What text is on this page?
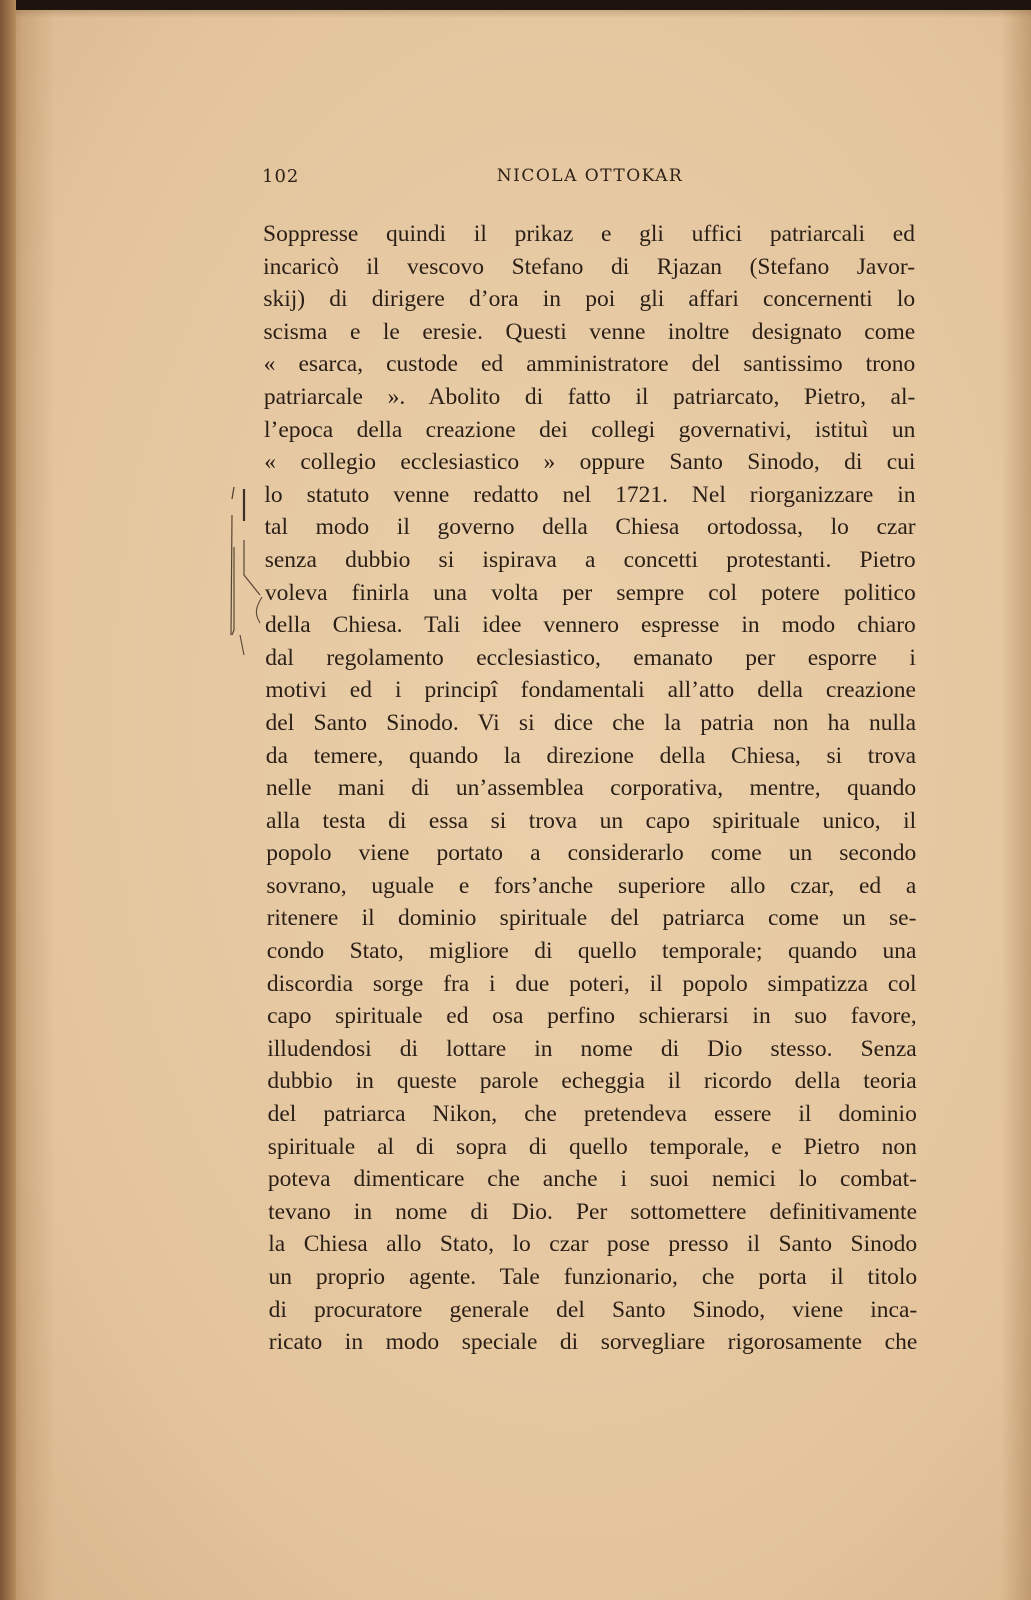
102	NICOLA OTTOKAR
Soppresse quindi il prikaz e gli uffici patriarcali ed
incaricò il vescovo Stefano di Rjazan (Stefano Javor-
skij) di dirigere d’ora in poi gli affari concernenti lo
scisma e le eresie. Questi venne inoltre designato come
« esarca, custode ed amministratore del santissimo trono
patriarcale ». Abolito di fatto il patriarcato, Pietro, al-
l’epoca della creazione dei collegi governativi, istituì un
« collegio ecclesiastico » oppure Santo Sinodo, di cui
lo statuto venne redatto nel 1721. Nel riorganizzare in
tal modo il governo della Chiesa ortodossa, lo czar
senza dubbio si ispirava a concetti protestanti. Pietro
voleva finirla una volta per sempre col potere politico
della Chiesa. Tali idee vennero espresse in modo chiaro
dal regolamento ecclesiastico, emanato per esporre i
motivi ed i principî fondamentali all’atto della creazione
del Santo Sinodo. Vi si dice che la patria non ha nulla
da temere, quando la direzione della Chiesa, si trova
nelle mani di un’assemblea corporativa, mentre, quando
alla testa di essa si trova un capo spirituale unico, il
popolo viene portato a considerarlo come un secondo
sovrano, uguale e fors’anche superiore allo czar, ed a
ritenere il dominio spirituale del patriarca come un se-
condo Stato, migliore di quello temporale; quando una
discordia sorge fra i due poteri, il popolo simpatizza col
capo spirituale ed osa perfino schierarsi in suo favore,
illudendosi di lottare in nome di Dio stesso. Senza
dubbio in queste parole echeggia il ricordo della teoria
del patriarca Nikon, che pretendeva essere il dominio
spirituale al di sopra di quello temporale, e Pietro non
poteva dimenticare che anche i suoi nemici lo combat-
tevano in nome di Dio. Per sottomettere definitivamente
la Chiesa allo Stato, lo czar pose presso il Santo Sinodo
un proprio agente. Tale funzionario, che porta il titolo
di procuratore generale del Santo Sinodo, viene inca-
ricato in modo speciale di sorvegliare rigorosamente che
